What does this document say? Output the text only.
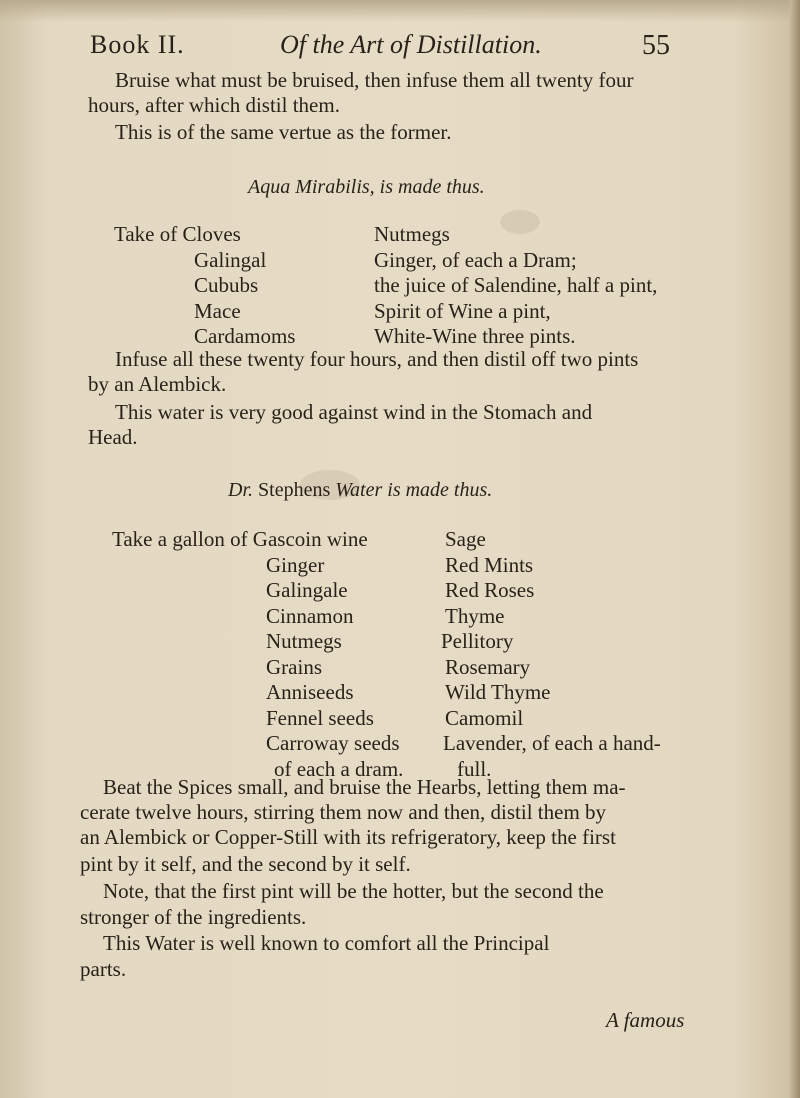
Book II.	Of the Art of Distillation.	55
Bruise what must be bruised, then infuse them all twenty four
hours, after which distil them.
This is of the same vertue as the former.
Aqua Mirabilis, is made thus.
Take of Cloves
Galingal
Cububs
Mace
Cardamoms
Nutmegs
Ginger, of each a Dram;
the juice of Salendine, half a pint,
Spirit of Wine a pint,
White-Wine three pints.
Infuse all these twenty four hours, and then distil off two pints
by an Alembick.
This water is very good against wind in the Stomach and
Head.
Dr. Stephens Water is made thus.
Take a gallon of Gascoin wine
Ginger
Galingale
Cinnamon
Nutmegs
Grains
Anniseeds
Fennel seeds
Carroway seeds
of each a dram.
Sage
Red Mints
Red Roses
Thyme
Pellitory
Rosemary
Wild Thyme
Camomil
Lavender, of each a hand-
full.
Beat the Spices small, and bruise the Hearbs, letting them ma-
cerate twelve hours, stirring them now and then, distil them by
an Alembick or Copper-Still with its refrigeratory, keep the first
pint by it self, and the second by it self.
Note, that the first pint will be the hotter, but the second the
stronger of the ingredients.
This Water is well known to comfort all the Principal
parts.
A famous
